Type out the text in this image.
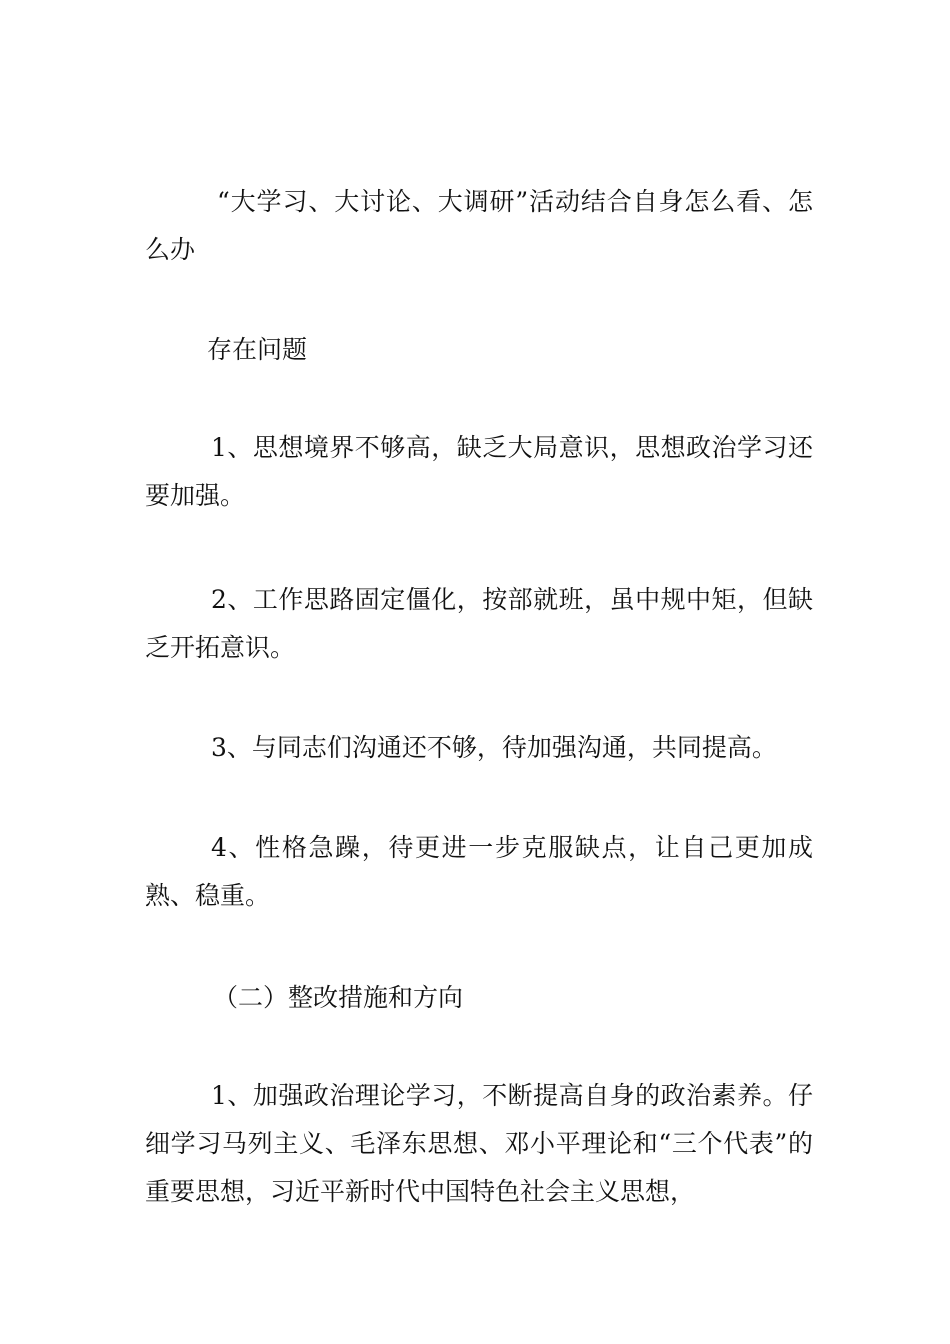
“大学习、大讨论、大调研”活动结合自身怎么看、怎么办

存在问题

1、思想境界不够高，缺乏大局意识，思想政治学习还要加强。

2、工作思路固定僵化，按部就班，虽中规中矩，但缺乏开拓意识。

3、与同志们沟通还不够，待加强沟通，共同提高。

4、性格急躁，待更进一步克服缺点，让自己更加成熟、稳重。

（二）整改措施和方向

1、加强政治理论学习，不断提高自身的政治素养。仔细学习马列主义、毛泽东思想、邓小平理论和“三个代表”的重要思想，习近平新时代中国特色社会主义思想，
